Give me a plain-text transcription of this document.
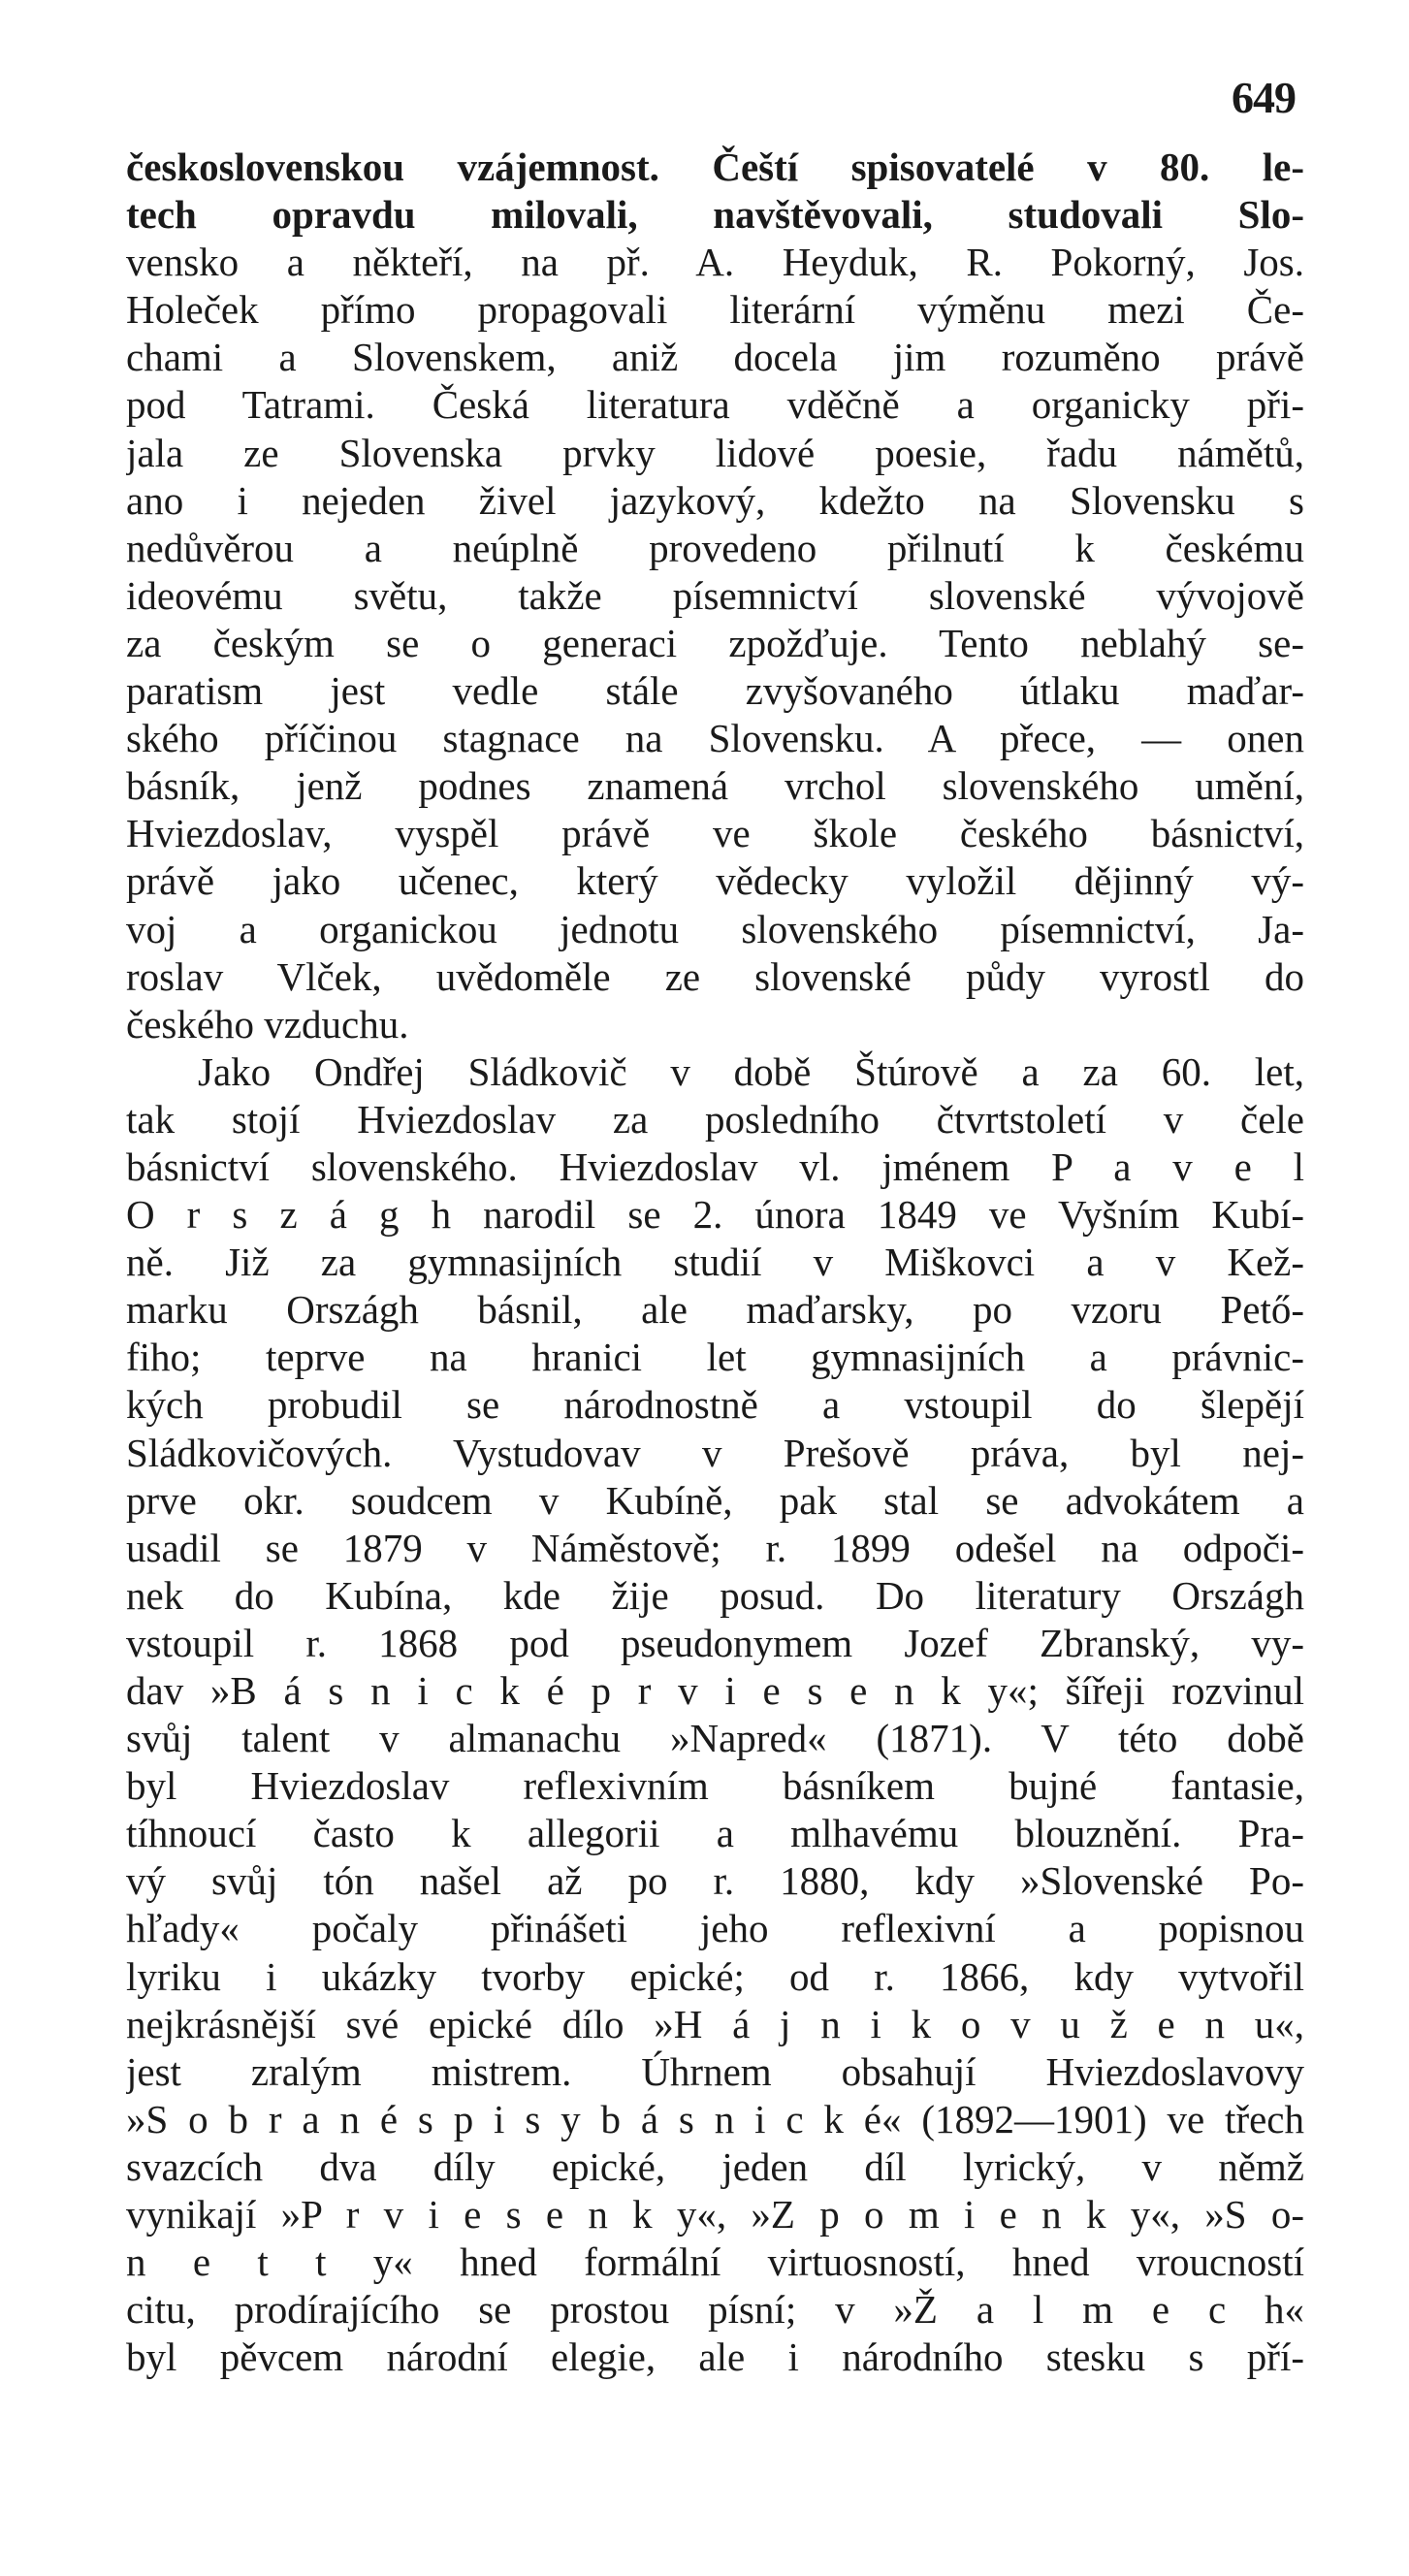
649
československou vzájemnost. Čeští spisovatelé v 80. le-
tech opravdu milovali, navštěvovali, studovali Slo-
vensko a někteří, na př. A. Heyduk, R. Pokorný, Jos.
Holeček přímo propagovali literární výměnu mezi Če-
chami a Slovenskem, aniž docela jim rozuměno právě
pod Tatrami. Česká literatura vděčně a organicky při-
jala ze Slovenska prvky lidové poesie, řadu námětů,
ano i nejeden živel jazykový, kdežto na Slovensku s
nedůvěrou a neúplně provedeno přilnutí k českému
ideovému světu, takže písemnictví slovenské vývojově
za českým se o generaci zpožďuje. Tento neblahý se-
paratism jest vedle stále zvyšovaného útlaku maďar-
ského příčinou stagnace na Slovensku. A přece, — onen
básník, jenž podnes znamená vrchol slovenského umění,
Hviezdoslav, vyspěl právě ve škole českého básnictví,
právě jako učenec, který vědecky vyložil dějinný vý-
voj a organickou jednotu slovenského písemnictví, Ja-
roslav Vlček, uvědoměle ze slovenské půdy vyrostl do
českého vzduchu.
Jako Ondřej Sládkovič v době Štúrově a za 60. let,
tak stojí Hviezdoslav za posledního čtvrtstoletí v čele
básnictví slovenského. Hviezdoslav vl. jménem P a v e l
O r s z á g h narodil se 2. února 1849 ve Vyšním Kubí-
ně. Již za gymnasijních studií v Miškovci a v Kež-
marku Országh básnil, ale maďarsky, po vzoru Pető-
fiho; teprve na hranici let gymnasijních a právnic-
kých probudil se národnostně a vstoupil do šlepějí
Sládkovičových. Vystudovav v Prešově práva, byl nej-
prve okr. soudcem v Kubíně, pak stal se advokátem a
usadil se 1879 v Náměstově; r. 1899 odešel na odpoči-
nek do Kubína, kde žije posud. Do literatury Országh
vstoupil r. 1868 pod pseudonymem Jozef Zbranský, vy-
dav »B á s n i c k é p r v i e s e n k y«; šířeji rozvinul
svůj talent v almanachu »Napred« (1871). V této době
byl Hviezdoslav reflexivním básníkem bujné fantasie,
tíhnoucí často k allegorii a mlhavému blouznění. Pra-
vý svůj tón našel až po r. 1880, kdy »Slovenské Po-
hľady« počaly přinášeti jeho reflexivní a popisnou
lyriku i ukázky tvorby epické; od r. 1866, kdy vytvořil
nejkrásnější své epické dílo »H á j n i k o v u ž e n u«,
jest zralým mistrem. Úhrnem obsahují Hviezdoslavovy
»S o b r a n é s p i s y b á s n i c k é« (1892—1901) ve třech
svazcích dva díly epické, jeden díl lyrický, v němž
vynikají »P r v i e s e n k y«, »Z p o m i e n k y«, »S o-
n e t t y« hned formální virtuosností, hned vroucností
citu, prodírajícího se prostou písní; v »Ž a l m e c h«
byl pěvcem národní elegie, ale i národního stesku s pří-
